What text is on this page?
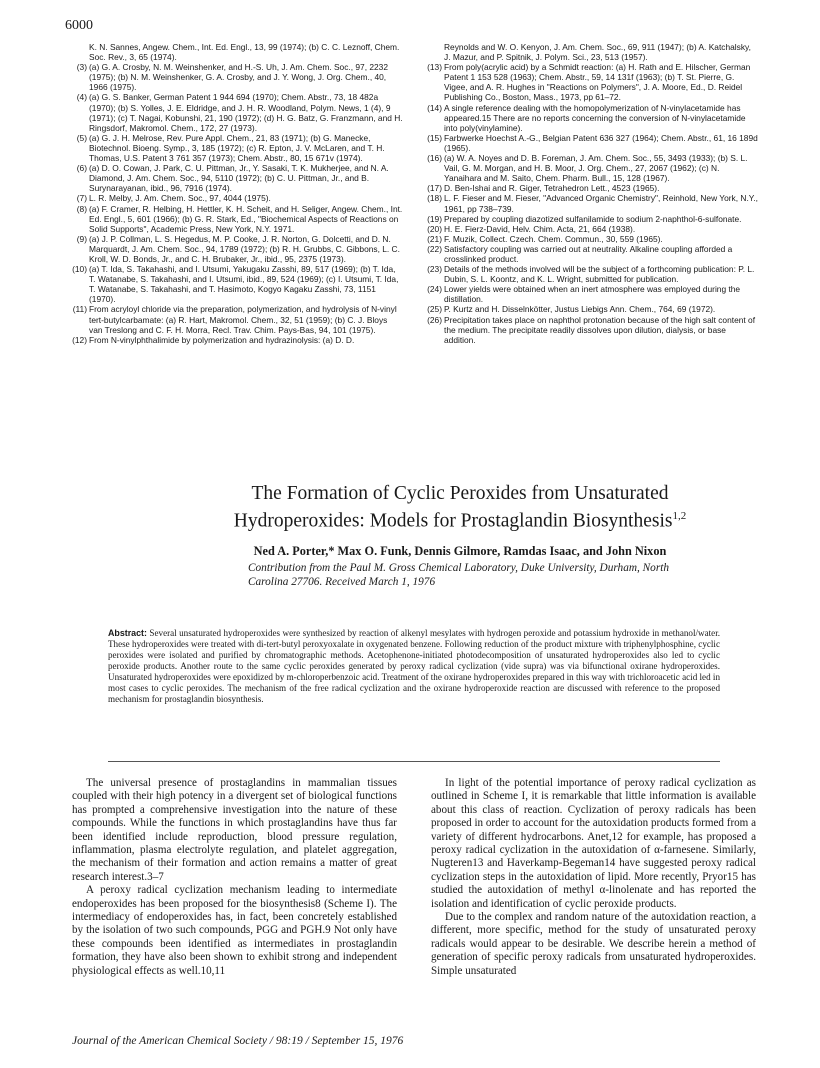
6000
K. N. Sannes, Angew. Chem., Int. Ed. Engl., 13, 99 (1974); (b) C. C. Leznoff, Chem. Soc. Rev., 3, 65 (1974).
(3) (a) G. A. Crosby, N. M. Weinshenker, and H.-S. Uh, J. Am. Chem. Soc., 97, 2232 (1975); (b) N. M. Weinshenker, G. A. Crosby, and J. Y. Wong, J. Org. Chem., 40, 1966 (1975).
(4) (a) G. S. Banker, German Patent 1 944 694 (1970); Chem. Abstr., 73, 18 482a (1970); (b) S. Yolles, J. E. Eldridge, and J. H. R. Woodland, Polym. News, 1 (4), 9 (1971); (c) T. Nagai, Kobunshi, 21, 190 (1972); (d) H. G. Batz, G. Franzmann, and H. Ringsdorf, Makromol. Chem., 172, 27 (1973).
(5) (a) G. J. H. Melrose, Rev. Pure Appl. Chem., 21, 83 (1971); (b) G. Manecke, Biotechnol. Bioeng. Symp., 3, 185 (1972); (c) R. Epton, J. V. McLaren, and T. H. Thomas, U.S. Patent 3 761 357 (1973); Chem. Abstr., 80, 15 671v (1974).
(6) (a) D. O. Cowan, J. Park, C. U. Pittman, Jr., Y. Sasaki, T. K. Mukherjee, and N. A. Diamond, J. Am. Chem. Soc., 94, 5110 (1972); (b) C. U. Pittman, Jr., and B. Surynarayanan, ibid., 96, 7916 (1974).
(7) L. R. Melby, J. Am. Chem. Soc., 97, 4044 (1975).
(8) (a) F. Cramer, R. Helbing, H. Hettler, K. H. Scheit, and H. Seliger, Angew. Chem., Int. Ed. Engl., 5, 601 (1966); (b) G. R. Stark, Ed., "Biochemical Aspects of Reactions on Solid Supports", Academic Press, New York, N.Y. 1971.
(9) (a) J. P. Collman, L. S. Hegedus, M. P. Cooke, J. R. Norton, G. Dolcetti, and D. N. Marquardt, J. Am. Chem. Soc., 94, 1789 (1972); (b) R. H. Grubbs, C. Gibbons, L. C. Kroll, W. D. Bonds, Jr., and C. H. Brubaker, Jr., ibid., 95, 2375 (1973).
(10) (a) T. Ida, S. Takahashi, and I. Utsumi, Yakugaku Zasshi, 89, 517 (1969); (b) T. Ida, T. Watanabe, S. Takahashi, and I. Utsumi, ibid., 89, 524 (1969); (c) I. Utsumi, T. Ida, T. Watanabe, S. Takahashi, and T. Hasimoto, Kogyo Kagaku Zasshi, 73, 1151 (1970).
(11) From acryloyl chloride via the preparation, polymerization, and hydrolysis of N-vinyl tert-butylcarbamate: (a) R. Hart, Makromol. Chem., 32, 51 (1959); (b) C. J. Bloys van Treslong and C. F. H. Morra, Recl. Trav. Chim. Pays-Bas, 94, 101 (1975).
(12) From N-vinylphthalimide by polymerization and hydrazinolysis: (a) D. D.
Reynolds and W. O. Kenyon, J. Am. Chem. Soc., 69, 911 (1947); (b) A. Katchalsky, J. Mazur, and P. Spitnik, J. Polym. Sci., 23, 513 (1957).
(13) From poly(acrylic acid) by a Schmidt reaction: (a) H. Rath and E. Hilscher, German Patent 1 153 528 (1963); Chem. Abstr., 59, 14 131f (1963); (b) T. St. Pierre, G. Vigee, and A. R. Hughes in "Reactions on Polymers", J. A. Moore, Ed., D. Reidel Publishing Co., Boston, Mass., 1973, pp 61–72.
(14) A single reference dealing with the homopolymerization of N-vinylacetamide has appeared.15 There are no reports concerning the conversion of N-vinylacetamide into poly(vinylamine).
(15) Farbwerke Hoechst A.-G., Belgian Patent 636 327 (1964); Chem. Abstr., 61, 16 189d (1965).
(16) (a) W. A. Noyes and D. B. Foreman, J. Am. Chem. Soc., 55, 3493 (1933); (b) S. L. Vail, G. M. Morgan, and H. B. Moor, J. Org. Chem., 27, 2067 (1962); (c) N. Yanaihara and M. Saito, Chem. Pharm. Bull., 15, 128 (1967).
(17) D. Ben-Ishai and R. Giger, Tetrahedron Lett., 4523 (1965).
(18) L. F. Fieser and M. Fieser, "Advanced Organic Chemistry", Reinhold, New York, N.Y., 1961, pp 738–739.
(19) Prepared by coupling diazotized sulfanilamide to sodium 2-naphthol-6-sulfonate.
(20) H. E. Fierz-David, Helv. Chim. Acta, 21, 664 (1938).
(21) F. Muzik, Collect. Czech. Chem. Commun., 30, 559 (1965).
(22) Satisfactory coupling was carried out at neutrality. Alkaline coupling afforded a crosslinked product.
(23) Details of the methods involved will be the subject of a forthcoming publication: P. L. Dubin, S. L. Koontz, and K. L. Wright, submitted for publication.
(24) Lower yields were obtained when an inert atmosphere was employed during the distillation.
(25) P. Kurtz and H. Disselnkötter, Justus Liebigs Ann. Chem., 764, 69 (1972).
(26) Precipitation takes place on naphthol protonation because of the high salt content of the medium. The precipitate readily dissolves upon dilution, dialysis, or base addition.
The Formation of Cyclic Peroxides from Unsaturated
Hydroperoxides: Models for Prostaglandin Biosynthesis$^{1,2}$
Ned A. Porter,* Max O. Funk, Dennis Gilmore, Ramdas Isaac, and John Nixon
Contribution from the Paul M. Gross Chemical Laboratory, Duke University, Durham, North Carolina 27706. Received March 1, 1976

Abstract: Several unsaturated hydroperoxides were synthesized by reaction of alkenyl mesylates with hydrogen peroxide and potassium hydroxide in methanol/water. These hydroperoxides were treated with di-tert-butyl peroxyoxalate in oxygenated benzene. Following reduction of the product mixture with triphenylphosphine, cyclic peroxides were isolated and purified by chromatographic methods. Acetophenone-initiated photodecomposition of unsaturated hydroperoxides also led to cyclic peroxide products. Another route to the same cyclic peroxides generated by peroxy radical cyclization (vide supra) was via bifunctional oxirane hydroperoxides. Unsaturated hydroperoxides were epoxidized by m-chloroperbenzoic acid. Treatment of the oxirane hydroperoxides prepared in this way with trichloroacetic acid led in most cases to cyclic peroxides. The mechanism of the free radical cyclization and the oxirane hydroperoxide reaction are discussed with reference to the proposed mechanism for prostaglandin biosynthesis.

The universal presence of prostaglandins in mammalian tissues coupled with their high potency in a divergent set of biological functions has prompted a comprehensive investigation into the nature of these compounds. While the functions in which prostaglandins have thus far been identified include reproduction, blood pressure regulation, inflammation, plasma electrolyte regulation, and platelet aggregation, the mechanism of their formation and action remains a matter of great research interest.3–7

A peroxy radical cyclization mechanism leading to intermediate endoperoxides has been proposed for the biosynthesis8 (Scheme I). The intermediacy of endoperoxides has, in fact, been concretely established by the isolation of two such compounds, PGG and PGH.9 Not only have these compounds been identified as intermediates in prostaglandin formation, they have also been shown to exhibit strong and independent physiological effects as well.10,11

In light of the potential importance of peroxy radical cyclization as outlined in Scheme I, it is remarkable that little information is available about this class of reaction. Cyclization of peroxy radicals has been proposed in order to account for the autoxidation products formed from a variety of different hydrocarbons. Anet,12 for example, has proposed a peroxy radical cyclization in the autoxidation of α-farnesene. Similarly, Nugteren13 and Haverkamp-Begeman14 have suggested peroxy radical cyclization steps in the autoxidation of lipid. More recently, Pryor15 has studied the autoxidation of methyl α-linolenate and has reported the isolation and identification of cyclic peroxide products.

Due to the complex and random nature of the autoxidation reaction, a different, more specific, method for the study of unsaturated peroxy radicals would appear to be desirable. We describe herein a method of generation of specific peroxy radicals from unsaturated hydroperoxides. Simple unsaturated

Journal of the American Chemical Society / 98:19 / September 15, 1976
